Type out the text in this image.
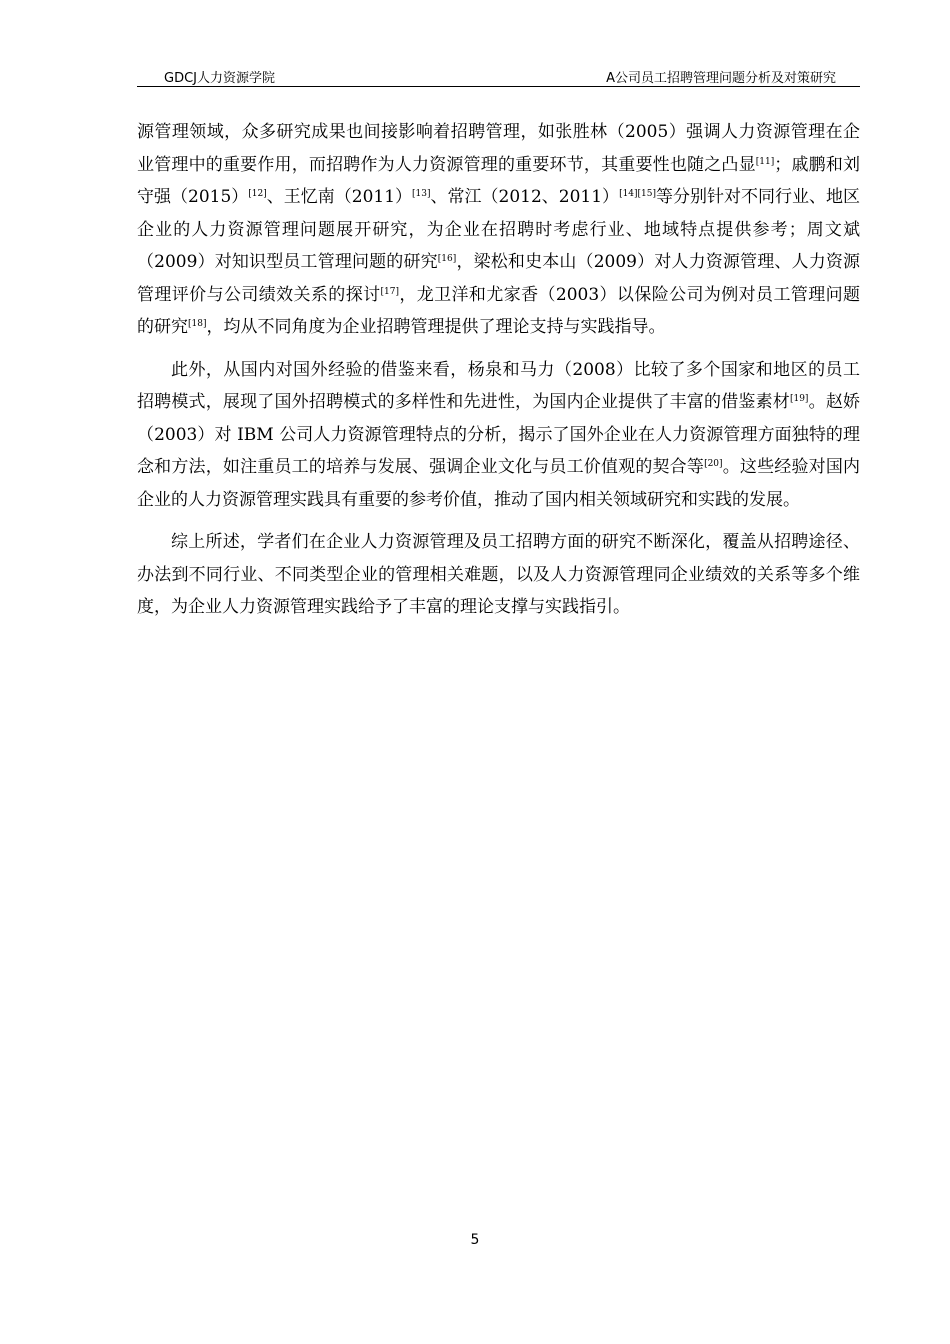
GDCJ人力资源学院	A公司员工招聘管理问题分析及对策研究

源管理领域，众多研究成果也间接影响着招聘管理，如张胜林（2005）强调人力资源管理在企业管理中的重要作用，而招聘作为人力资源管理的重要环节，其重要性也随之凸显[11]；戚鹏和刘守强（2015）[12]、王忆南（2011）[13]、常江（2012、2011）[14][15]等分别针对不同行业、地区企业的人力资源管理问题展开研究，为企业在招聘时考虑行业、地域特点提供参考；周文斌（2009）对知识型员工管理问题的研究[16]，梁松和史本山（2009）对人力资源管理、人力资源管理评价与公司绩效关系的探讨[17]，龙卫洋和尤家香（2003）以保险公司为例对员工管理问题的研究[18]，均从不同角度为企业招聘管理提供了理论支持与实践指导。

此外，从国内对国外经验的借鉴来看，杨泉和马力（2008）比较了多个国家和地区的员工招聘模式，展现了国外招聘模式的多样性和先进性，为国内企业提供了丰富的借鉴素材[19]。赵娇（2003）对 IBM 公司人力资源管理特点的分析，揭示了国外企业在人力资源管理方面独特的理念和方法，如注重员工的培养与发展、强调企业文化与员工价值观的契合等[20]。这些经验对国内企业的人力资源管理实践具有重要的参考价值，推动了国内相关领域研究和实践的发展。

综上所述，学者们在企业人力资源管理及员工招聘方面的研究不断深化，覆盖从招聘途径、办法到不同行业、不同类型企业的管理相关难题，以及人力资源管理同企业绩效的关系等多个维度，为企业人力资源管理实践给予了丰富的理论支撑与实践指引。

5
